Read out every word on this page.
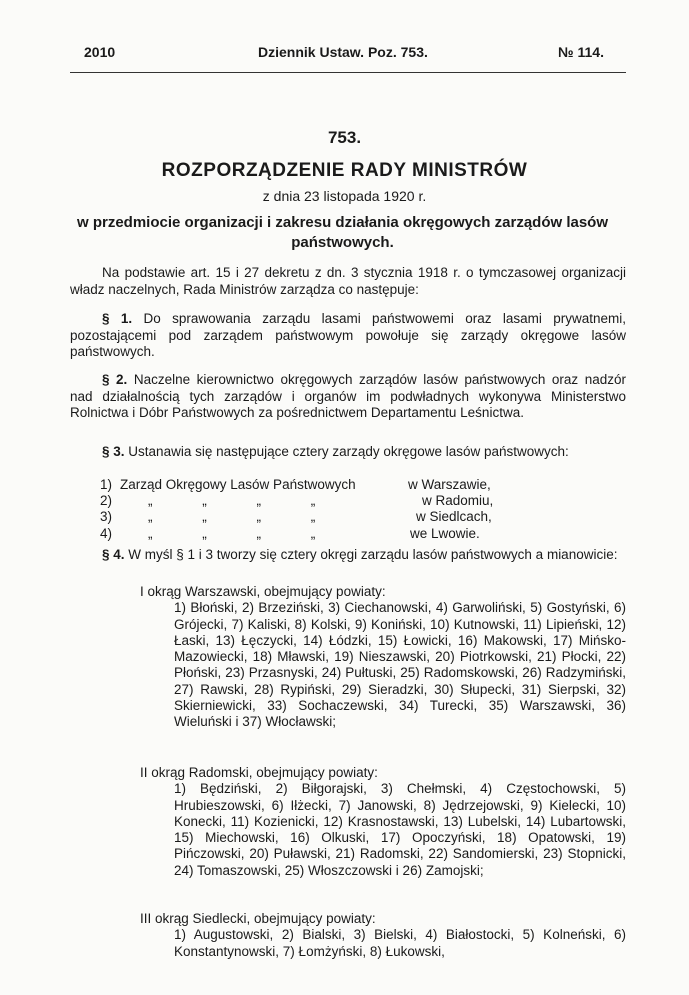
2010	Dziennik Ustaw. Poz. 753.	№ 114.
753.
ROZPORZĄDZENIE RADY MINISTRÓW
z dnia 23 listopada 1920 r.
w przedmiocie organizacji i zakresu działania okręgowych zarządów lasów państwowych.

Na podstawie art. 15 i 27 dekretu z dn. 3 stycznia 1918 r. o tymczasowej organizacji władz naczelnych, Rada Ministrów zarządza co następuje:

§ 1. Do sprawowania zarządu lasami państwowemi oraz lasami prywatnemi, pozostającemi pod zarządem państwowym powołuje się zarządy okręgowe lasów państwowych.

§ 2. Naczelne kierownictwo okręgowych zarządów lasów państwowych oraz nadzór nad działalnością tych zarządów i organów im podwładnych wykonywa Ministerstwo Rolnictwa i Dóbr Państwowych za pośrednictwem Departamentu Leśnictwa.

§ 3. Ustanawia się następujące cztery zarządy okręgowe lasów państwowych:

1) Zarząd Okręgowy Lasów Państwowych	w Warszawie,
2)	„ „ „ „	w Radomiu,
3)	„ „ „ „	w Siedlcach,
4)	„ „ „ „	we Lwowie.

§ 4. W myśl § 1 i 3 tworzy się cztery okręgi zarządu lasów państwowych a mianowicie:

I okrąg Warszawski, obejmujący powiaty:

1) Błoński, 2) Brzeziński, 3) Ciechanowski, 4) Garwoliński, 5) Gostyński, 6) Grójecki, 7) Kaliski, 8) Kolski, 9) Koniński, 10) Kutnowski, 11) Lipieński, 12) Łaski, 13) Łęczycki, 14) Łódzki, 15) Łowicki, 16) Makowski, 17) Mińsko-Mazowiecki, 18) Mławski, 19) Nieszawski, 20) Piotrkowski, 21) Płocki, 22) Płoński, 23) Przasnyski, 24) Pułtuski, 25) Radomskowski, 26) Radzymiński, 27) Rawski, 28) Rypiński, 29) Sieradzki, 30) Słupecki, 31) Sierpski, 32) Skierniewicki, 33) Sochaczewski, 34) Turecki, 35) Warszawski, 36) Wieluński i 37) Włocławski;

II okrąg Radomski, obejmujący powiaty:

1) Będziński, 2) Biłgorajski, 3) Chełmski, 4) Częstochowski, 5) Hrubieszowski, 6) Iłżecki, 7) Janowski, 8) Jędrzejowski, 9) Kielecki, 10) Konecki, 11) Kozienicki, 12) Krasnostawski, 13) Lubelski, 14) Lubartowski, 15) Miechowski, 16) Olkuski, 17) Opoczyński, 18) Opatowski, 19) Pińczowski, 20) Puławski, 21) Radomski, 22) Sandomierski, 23) Stopnicki, 24) Tomaszowski, 25) Włoszczowski i 26) Zamojski;

III okrąg Siedlecki, obejmujący powiaty:

1) Augustowski, 2) Bialski, 3) Bielski, 4) Białostocki, 5) Kolneński, 6) Konstantynowski, 7) Łomżyński, 8) Łukowski,
